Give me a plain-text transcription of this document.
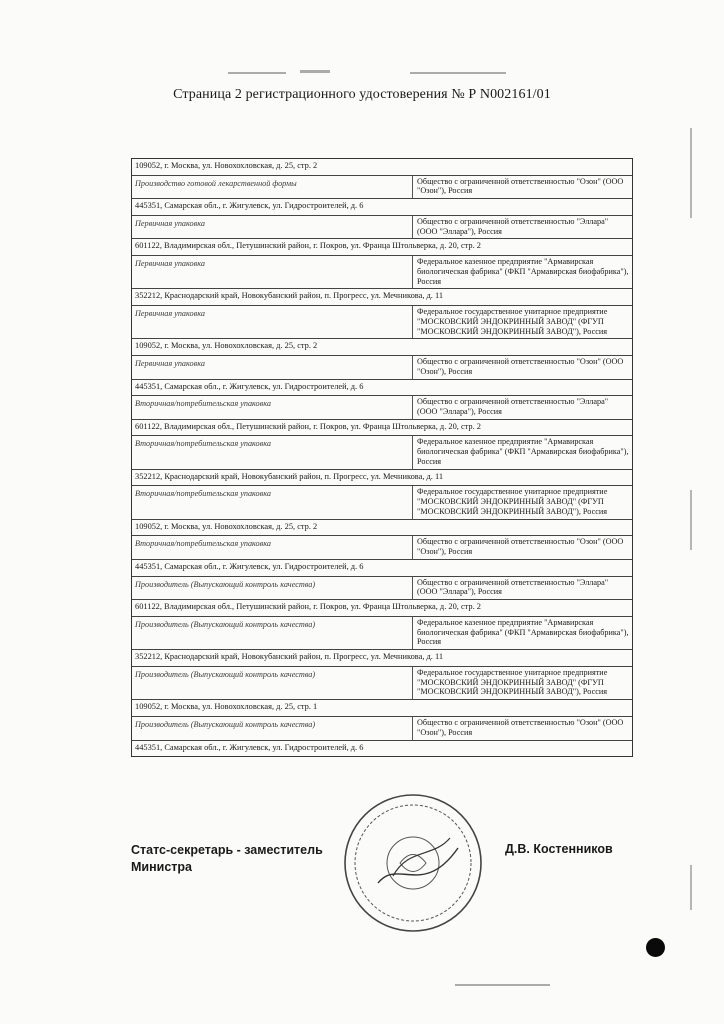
Страница 2 регистрационного удостоверения № Р N002161/01
109052, г. Москва, ул. Новохохловская, д. 25, стр. 2
Производство готовой лекарственной формы	Общество с ограниченной ответственностью "Озон" (ООО "Озон"), Россия
445351, Самарская обл., г. Жигулевск, ул. Гидростроителей, д. 6
Первичная упаковка	Общество с ограниченной ответственностью "Эллара" (ООО "Эллара"), Россия
601122, Владимирская обл., Петушинский район, г. Покров, ул. Франца Штольверка, д. 20, стр. 2
Первичная упаковка	Федеральное казенное предприятие "Армавирская биологическая фабрика" (ФКП "Армавирская биофабрика"), Россия
352212, Краснодарский край, Новокубанский район, п. Прогресс, ул. Мечникова, д. 11
Первичная упаковка	Федеральное государственное унитарное предприятие "МОСКОВСКИЙ ЭНДОКРИННЫЙ ЗАВОД" (ФГУП "МОСКОВСКИЙ ЭНДОКРИННЫЙ ЗАВОД"), Россия
109052, г. Москва, ул. Новохохловская, д. 25, стр. 2
Первичная упаковка	Общество с ограниченной ответственностью "Озон" (ООО "Озон"), Россия
445351, Самарская обл., г. Жигулевск, ул. Гидростроителей, д. 6
Вторичная/потребительская упаковка	Общество с ограниченной ответственностью "Эллара" (ООО "Эллара"), Россия
601122, Владимирская обл., Петушинский район, г. Покров, ул. Франца Штольверка, д. 20, стр. 2
Вторичная/потребительская упаковка	Федеральное казенное предприятие "Армавирская биологическая фабрика" (ФКП "Армавирская биофабрика"), Россия
352212, Краснодарский край, Новокубанский район, п. Прогресс, ул. Мечникова, д. 11
Вторичная/потребительская упаковка	Федеральное государственное унитарное предприятие "МОСКОВСКИЙ ЭНДОКРИННЫЙ ЗАВОД" (ФГУП "МОСКОВСКИЙ ЭНДОКРИННЫЙ ЗАВОД"), Россия
109052, г. Москва, ул. Новохохловская, д. 25, стр. 2
Вторичная/потребительская упаковка	Общество с ограниченной ответственностью "Озон" (ООО "Озон"), Россия
445351, Самарская обл., г. Жигулевск, ул. Гидростроителей, д. 6
Производитель (Выпускающий контроль качества)	Общество с ограниченной ответственностью "Эллара" (ООО "Эллара"), Россия
601122, Владимирская обл., Петушинский район, г. Покров, ул. Франца Штольверка, д. 20, стр. 2
Производитель (Выпускающий контроль качества)	Федеральное казенное предприятие "Армавирская биологическая фабрика" (ФКП "Армавирская биофабрика"), Россия
352212, Краснодарский край, Новокубанский район, п. Прогресс, ул. Мечникова, д. 11
Производитель (Выпускающий контроль качества)	Федеральное государственное унитарное предприятие "МОСКОВСКИЙ ЭНДОКРИННЫЙ ЗАВОД" (ФГУП "МОСКОВСКИЙ ЭНДОКРИННЫЙ ЗАВОД"), Россия
109052, г. Москва, ул. Новохохловская, д. 25, стр. 1
Производитель (Выпускающий контроль качества)	Общество с ограниченной ответственностью "Озон" (ООО "Озон"), Россия
445351, Самарская обл., г. Жигулевск, ул. Гидростроителей, д. 6
Статс-секретарь - заместитель
Министра
Д.В. Костенников
